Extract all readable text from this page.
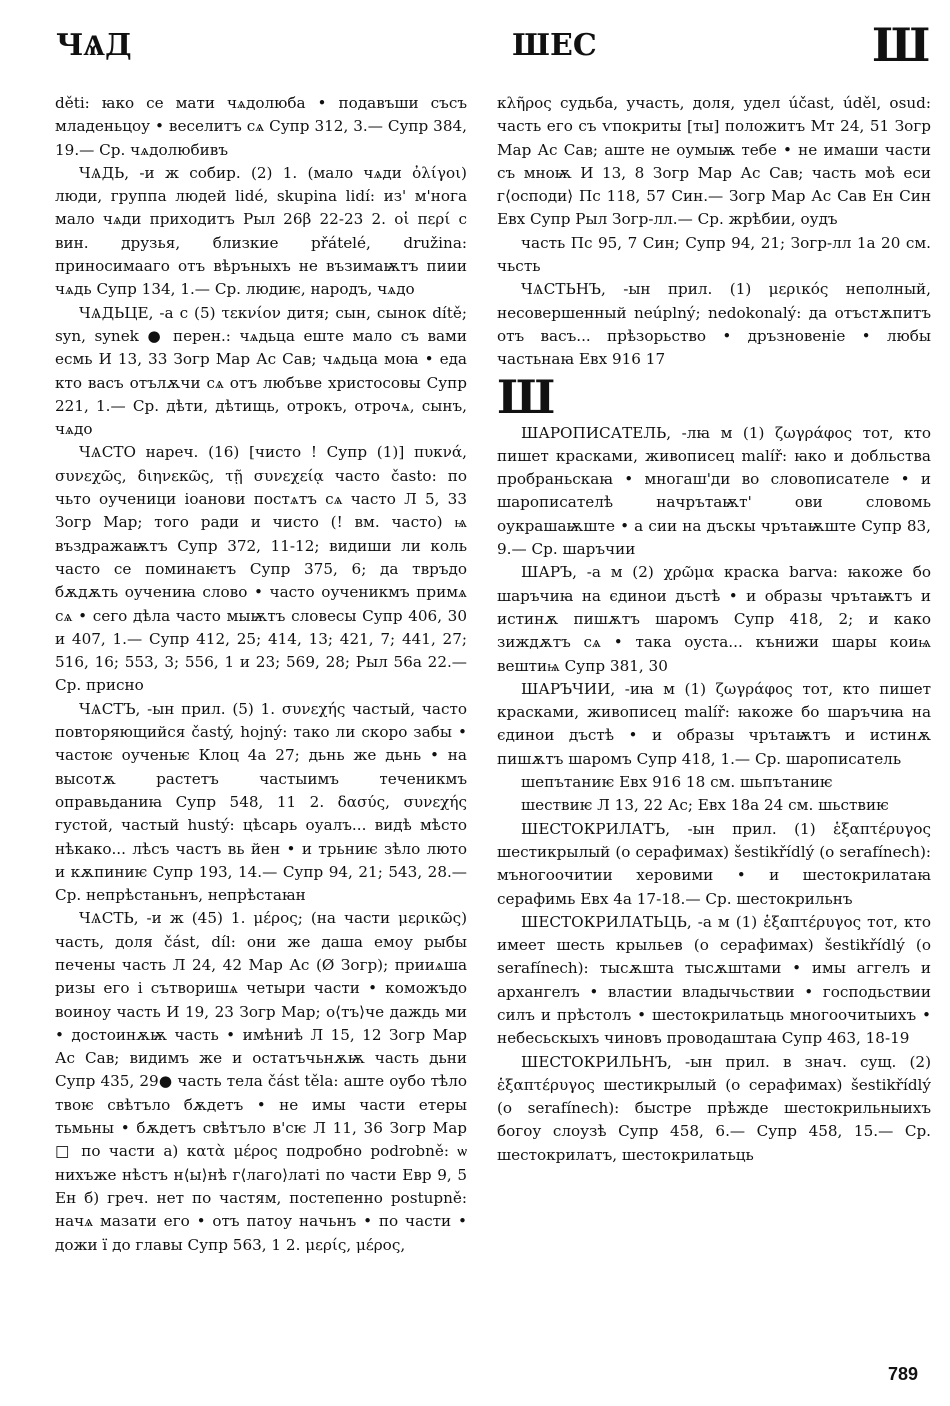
ЧѦД	ШЕС	Ш

děti: ꙗко се мати чѧдолюба • подавъши съсъ младеньцоу • веселитъ сѧ Супр 312, 3.— Супр 384, 19.— Ср. чѧдолюбивъ

ЧѦДЬ, -и ж собир. (2) 1. (мало чѧди ὀλίγοι) люди, группа людей lidé, skupina lidí: из' м'нога мало чѧди приходитъ Рыл 26β 22-23 2. οἱ περί с вин. друзья, близкие přátelé, družina: приносимааго отъ вѣръныхъ не възимаѭтъ пиии чѧдь Супр 134, 1.— Ср. людиѥ, народъ, чѧдо

ЧѦДЬЦЕ, -а с (5) τεκνίον дитя; сын, сынок dítě; syn, synek ● перен.: чѧдьца еште мало съ вами есмь И 13, 33 Зогр Мар Ас Сав; чѧдьца моꙗ • еда кто васъ отълѫчи сѧ отъ любъве христосовы Супр 221, 1.— Ср. дѣти, дѣтищь, отрокъ, отрочѧ, сынъ, чѧдо

ЧѦСТО нареч. (16) [чисто ! Супр (1)] πυκνά, συνεχῶς, διηνεκῶς, τῇ συνεχείᾳ часто často: по чьто оученици іоанови постѧтъ сѧ часто Л 5, 33 Зогр Мар; того ради и чисто (! вм. часто) ѩ въздражаѭтъ Супр 372, 11-12; видиши ли коль часто се поминаѥтъ Супр 375, 6; да твръдо бѫдѫть оучениꙗ слово • часто оученикмъ примѧ сѧ • сего дѣла часто мыѭтъ словесы Супр 406, 30 и 407, 1.— Супр 412, 25; 414, 13; 421, 7; 441, 27; 516, 16; 553, 3; 556, 1 и 23; 569, 28; Рыл 56а 22.— Ср. присно

ЧѦСТЪ, -ын прил. (5) 1. συνεχής частый, часто повторяющийся častý, hojný: тако ли скоро забы • частоѥ оученьѥ Клоц 4а 27; дьнь же дьнь • на высотѫ растетъ частыимъ теченикмъ оправьданиꙗ Супр 548, 11 2. δασύς, συνεχής густой, частый hustý: цѣсарь оуалъ... видѣ мѣсто нѣкако... лѣсъ частъ вь йен • и трьниѥ зѣло люто и кѫпиниѥ Супр 193, 14.— Супр 94, 21; 543, 28.— Ср. непрѣстаньнъ, непрѣстаꙗн

ЧѦСТЬ, -и ж (45) 1. μέρος; (на части μερικῶς) часть, доля část, díl: они же даша емоу рыбы печены часть Л 24, 42 Мар Ас (Ø Зогр); прииѧша ризы его і сътворишѧ четыри части • коможъдо воиноу часть И 19, 23 Зогр Мар; о⟨тъ⟩че даждь ми • достоинѫѭ часть • имѣниѣ Л 15, 12 Зогр Мар Ас Сав; видимъ же и остатъчьнѫѭ часть дьни Супр 435, 29● часть тела část těla: аште оубо тѣло твоѥ свѣтъло бѫдетъ • не имы части етеры тьмьны • бѫдетъ свѣтъло в'сѥ Л 11, 36 Зогр Мар □ по части а) κατὰ μέρος подробно podrobně: ѡ нихъже нѣстъ н⟨ы⟩нѣ г⟨лаго⟩латі по части Евр 9, 5 Ен б) греч. нет по частям, постепенно postupně: начѧ мазати его • отъ патоу начьнъ • по части • дожи ї до главы Супр 563, 1 2. μερίς, μέρος,

κλῆρος судьба, участь, доля, удел účast, úděl, osud: часть его съ ѵпокриты [ты] положитъ Мт 24, 51 Зогр Мар Ас Сав; аште не оумыѭ тебе • не имаши части съ мноѭ И 13, 8 Зогр Мар Ас Сав; часть моѣ еси г⟨осподи⟩ Пс 118, 57 Син.— Зогр Мар Ас Сав Ен Син Евх Супр Рыл Зогр-лл.— Ср. жрѣбии, оудъ

часть Пс 95, 7 Син; Супр 94, 21; Зогр-лл 1а 20 см. чьсть

ЧѦСТЬНЪ, -ын прил. (1) μερικός неполный, несовершенный neúplný; nedokonalý: да отъстѫпитъ отъ васъ... прѣзорьство • дръзновеніе • любы частьнаꙗ Евх 916 17

Ш

ШАРОПИСАТЕЛЬ, -лꙗ м (1) ζωγράφος тот, кто пишет красками, живописец malíř: ꙗко и добльства пробраньскаꙗ • многаш'ди во словописателе • и шарописателѣ начрътаѭт' ови словомь оукрашаѭште • а сии на дъскы чрътаѭште Супр 83, 9.— Ср. шаръчии

ШАРЪ, -а м (2) χρῶμα краска barva: ꙗкоже бо шаръчиꙗ на єдинои дъстѣ • и образы чрътаѭтъ и истинѫ пишѫтъ шаромъ Супр 418, 2; и како зиждѫтъ сѧ • така оуста... кънижи шары коиѩ вештиѩ Супр 381, 30

ШАРЪЧИИ, -иꙗ м (1) ζωγράφος тот, кто пишет красками, живописец malíř: ꙗкоже бо шаръчиꙗ на єдинои дъстѣ • и образы чрътаѭтъ и истинѫ пишѫтъ шаромъ Супр 418, 1.— Ср. шарописатель

шепътаниѥ Евх 916 18 см. шьпътаниѥ

шествиѥ Л 13, 22 Ас; Евх 18а 24 см. шьствиѥ

ШЕСТОКРИЛАТЪ, -ын прил. (1) ἑξαπτέρυγος шестикрылый (о серафимах) šestikřídlý (o serafínech): мъногоочитии херовими • и шестокрилатаꙗ серафимь Евх 4а 17-18.— Ср. шестокрильнъ

ШЕСТОКРИЛАТЬЦЬ, -а м (1) ἑξαπτέρυγος тот, кто имеет шесть крыльев (о серафимах) šestikřídlý (o serafínech): тысѫшта тысѫштами • имы аггелъ и архангелъ • властии владычьствии • господьствии силъ и прѣстолъ • шестокрилатьць многоочитыихъ • небесьскыхъ чиновъ проводаштаꙗ Супр 463, 18-19

ШЕСТОКРИЛЬНЪ, -ын прил. в знач. сущ. (2) ἑξαπτέρυγος шестикрылый (о серафимах) šestikřídlý (o serafínech): быстре прѣжде шестокрильныихъ богоу слоузѣ Супр 458, 6.— Супр 458, 15.— Ср. шестокрилатъ, шестокрилатьць

789
